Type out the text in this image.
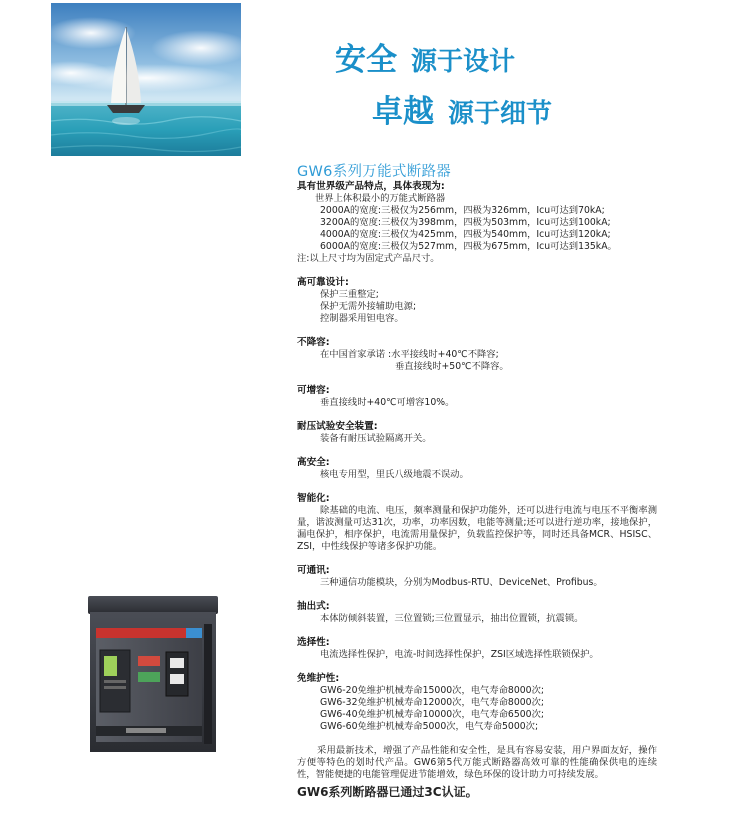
安全 源于设计
卓越 源于细节
GW6系列万能式断路器
具有世界级产品特点，具体表现为:
世界上体积最小的万能式断路器
2000A的宽度:三极仅为256mm，四极为326mm，Icu可达到70kA;
3200A的宽度:三极仅为398mm，四极为503mm，Icu可达到100kA;
4000A的宽度:三极仅为425mm，四极为540mm，Icu可达到120kA;
6000A的宽度:三极仅为527mm，四极为675mm，Icu可达到135kA。
注:以上尺寸均为固定式产品尺寸。
高可靠设计:
保护三重整定;
保护无需外接辅助电源;
控制器采用钽电容。
不降容:
在中国首家承诺 :水平接线时+40℃不降容;
垂直接线时+50℃不降容。
可增容:
垂直接线时+40℃可增容10%。
耐压试验安全装置:
装备有耐压试验隔离开关。
高安全:
核电专用型，里氏八级地震不误动。
智能化:
除基础的电流、电压，频率测量和保护功能外，还可以进行电流与电压不平衡率测量，谐波测量可达31次，功率，功率因数，电能等测量;还可以进行逆功率，接地保护，漏电保护，相序保护，电流需用量保护，负载监控保护等，同时还具备MCR、HSISC、ZSI，中性线保护等诸多保护功能。
可通讯:
三种通信功能模块，分别为Modbus-RTU、DeviceNet、Profibus。
抽出式:
本体防倾斜装置，三位置锁;三位置显示，抽出位置锁，抗震锁。
选择性:
电流选择性保护，电流-时间选择性保护，ZSI区域选择性联锁保护。
免维护性:
GW6-20免维护机械寿命15000次，电气寿命8000次;
GW6-32免维护机械寿命12000次，电气寿命8000次;
GW6-40免维护机械寿命10000次，电气寿命6500次;
GW6-60免维护机械寿命5000次，电气寿命5000次;
采用最新技术，增强了产品性能和安全性，是具有容易安装，用户界面友好，操作方便等特色的划时代产品。GW6第5代万能式断路器高效可靠的性能确保供电的连续性，智能便捷的电能管理促进节能增效，绿色环保的设计助力可持续发展。
GW6系列断路器已通过3C认证。
